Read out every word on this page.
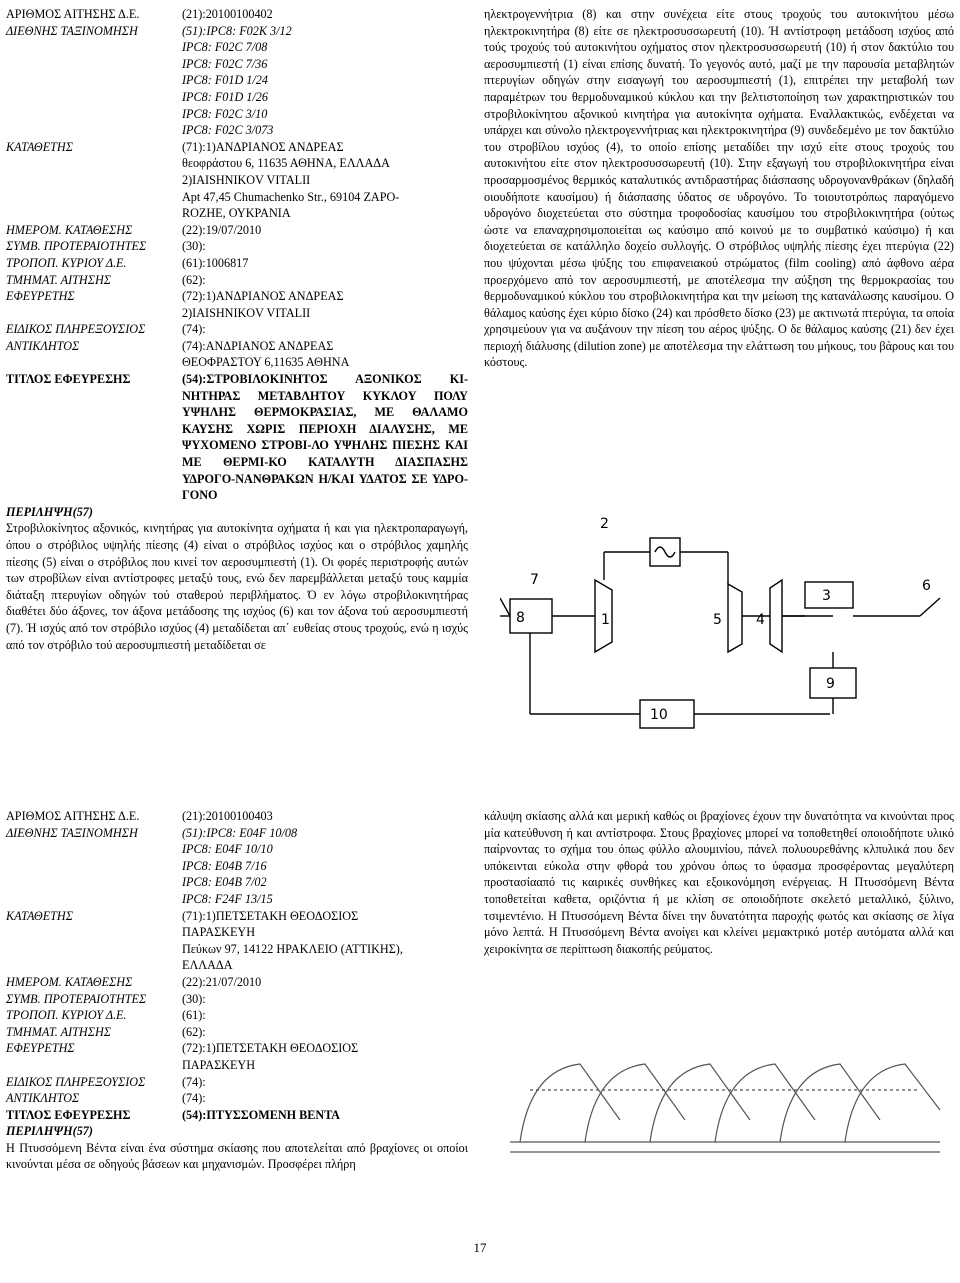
ΑΡΙΘΜΟΣ ΑΙΤΗΣΗΣ Δ.Ε.	(21):20100100402
ΔΙΕΘΝΗΣ ΤΑΞΙΝΟΜΗΣΗ	(51):IPC8: F02K 3/12
IPC8: F02C 7/08
IPC8: F02C 7/36
IPC8: F01D 1/24
IPC8: F01D 1/26
IPC8: F02C 3/10
IPC8: F02C 3/073
ΚΑΤΑΘΕΤΗΣ	(71):1)ΑΝΔΡΙΑΝΟΣ ΑΝΔΡΕΑΣ
θεοφράστου 6, 11635 ΑΘΗΝΑ, ΕΛΛΑΔΑ
2)IAISHNIKOV VITALII
Apt 47,45 Chumachenko Str., 69104 ZAPO-
ROZHE, ΟΥΚΡΑΝΙΑ
ΗΜΕΡΟΜ. ΚΑΤΑΘΕΣΗΣ	(22):19/07/2010
ΣΥΜΒ. ΠΡΟΤΕΡΑΙΟΤΗΤΕΣ	(30):
ΤΡΟΠΟΠ. ΚΥΡΙΟΥ Δ.Ε.	(61):1006817
ΤΜΗΜΑΤ. ΑΙΤΗΣΗΣ	(62):
ΕΦΕΥΡΕΤΗΣ	(72):1)ΑΝΔΡΙΑΝΟΣ ΑΝΔΡΕΑΣ
2)IAISHNIKOV VITALII
ΕΙΔΙΚΟΣ ΠΛΗΡΕΞΟΥΣΙΟΣ	(74):
ΑΝΤΙΚΛΗΤΟΣ	(74):ΑΝΔΡΙΑΝΟΣ ΑΝΔΡΕΑΣ
ΘΕΟΦΡΑΣΤΟΥ 6,11635 ΑΘΗΝΑ
ΤΙΤΛΟΣ ΕΦΕΥΡΕΣΗΣ	(54):ΣΤΡΟΒΙΛΟΚΙΝΗΤΟΣ ΑΞΟΝΙΚΟΣ ΚΙ-ΝΗΤΗΡΑΣ ΜΕΤΑΒΛΗΤΟΥ ΚΥΚΛΟΥ ΠΟΛΥ ΥΨΗΛΗΣ ΘΕΡΜΟΚΡΑΣΙΑΣ, ΜΕ ΘΑΛΑΜΟ ΚΑΥΣΗΣ ΧΩΡΙΣ ΠΕΡΙΟΧΗ ΔΙΑΛΥΣΗΣ, ΜΕ ΨΥΧΟΜΕΝΟ ΣΤΡΟΒΙ-ΛΟ ΥΨΗΛΗΣ ΠΙΕΣΗΣ ΚΑΙ ΜΕ ΘΕΡΜΙ-ΚΟ ΚΑΤΑΛΥΤΗ ΔΙΑΣΠΑΣΗΣ ΥΔΡΟΓΟ-ΝΑΝΘΡΑΚΩΝ Η/ΚΑΙ ΥΔΑΤΟΣ ΣΕ ΥΔΡΟ-ΓΟΝΟ
ΠΕΡΙΛΗΨΗ(57)
Στροβιλοκίνητος αξονικός, κινητήρας για αυτοκίνητα οχήματα ή και για ηλεκτροπαραγωγή, όπου ο στρόβιλος υψηλής πίεσης (4) είναι ο στρόβιλος ισχύος και ο στρόβιλος χαμηλής πίεσης (5) είναι ο στρόβιλος που κινεί τον αεροσυμπιεστή (1). Οι φορές περιστροφής αυτών των στροβίλων είναι αντίστροφες μεταξύ τους, ενώ δεν παρεμβάλλεται μεταξύ τους καμμία διάταξη πτερυγίων οδηγών τού σταθερού περιβλήματος. Ό εν λόγω στροβιλοκινητήρας διαθέτει δύο άξονες, τον άξονα μετάδοσης της ισχύος (6) και τον άξονα τού αεροσυμπιεστή (7). Ή ισχύς από τον στρόβιλο ισχύος (4) μεταδίδεται απ΄ ευθείας στους τροχούς, ενώ η ισχύς από τον στρόβιλο τού αεροσυμπιεστή μεταδίδεται σε
ηλεκτρογεννήτρια (8) και στην συνέχεια είτε στους τροχούς του αυτοκινήτου μέσω ηλεκτροκινητήρα (8) είτε σε ηλεκτροσυσσωρευτή (10). Ή αντίστροφη μετάδοση ισχύος από τούς τροχούς τού αυτοκινήτου οχήματος στον ηλεκτροσυσσωρευτή (10) ή στον δακτύλιο του αεροσυμπιεστή (1) είναι επίσης δυνατή. Το γεγονός αυτό, μαζί με την παρουσία μεταβλητών πτερυγίων οδηγών στην εισαγωγή του αεροσυμπιεστή (1), επιτρέπει την μεταβολή των παραμέτρων του θερμοδυναμικού κύκλου και την βελτιστοποίηση των χαρακτηριστικών του στροβιλοκίνητου αξονικού κινητήρα για αυτοκίνητα οχήματα. Εναλλακτικώς, ενδέχεται να υπάρχει και σύνολο ηλεκτρογεννήτριας και ηλεκτροκινητήρα (9) συνδεδεμένο με τον δακτύλιο του στροβίλου ισχύος (4), το οποίο επίσης μεταδίδει την ισχύ είτε στους τροχούς του αυτοκινήτου είτε στον ηλεκτροσυσσωρευτή (10). Στην εξαγωγή του στροβιλοκινητήρα είναι προσαρμοσμένος θερμικός καταλυτικός αντιδραστήρας διάσπασης υδρογονανθράκων (δηλαδή οιουδήποτε καυσίμου) ή διάσπασης ύδατος σε υδρογόνο. Το τοιουτοτρόπως παραγόμενο υδρογόνο διοχετεύεται στο σύστημα τροφοδοσίας καυσίμου του στροβιλοκινητήρα (ούτως ώστε να επαναχρησιμοποιείται ως καύσιμο από κοινού με το συμβατικό καύσιμο) ή και διοχετεύεται σε κατάλληλο δοχείο συλλογής. Ο στρόβιλος υψηλής πίεσης έχει πτερύγια (22) που ψύχονται μέσω ψύξης του επιφανειακού στρώματος (film cooling) από άφθονο αέρα προερχόμενο από τον αεροσυμπιεστή, με αποτέλεσμα την αύξηση της θερμοκρασίας του θερμοδυναμικού κύκλου του στροβιλοκινητήρα και την μείωση της κατανάλωσης καυσίμου. Ο θάλαμος καύσης έχει κύριο δίσκο (24) και πρόσθετο δίσκο (23) με ακτινωτά πτερύγια, τα οποία χρησιμεύουν για να αυξάνουν την πίεση του αέρος ψύξης. Ο δε θάλαμος καύσης (21) δεν έχει περιοχή διάλυσης (dilution zone) με αποτέλεσμα την ελάττωση του μήκους, του βάρους και του κόστους.
1
2
3
4
5
6
7
8
9
10
ΑΡΙΘΜΟΣ ΑΙΤΗΣΗΣ Δ.Ε.	(21):20100100403
ΔΙΕΘΝΗΣ ΤΑΞΙΝΟΜΗΣΗ	(51):IPC8: E04F 10/08
IPC8: E04F 10/10
IPC8: E04B 7/16
IPC8: E04B 7/02
IPC8: F24F 13/15
ΚΑΤΑΘΕΤΗΣ	(71):1)ΠΕΤΣΕΤΑΚΗ ΘΕΟΔΟΣΙΟΣ
ΠΑΡΑΣΚΕΥΗ
Πεύκων 97, 14122 ΗΡΑΚΛΕΙΟ (ΑΤΤΙΚΗΣ),
ΕΛΛΑΔΑ
ΗΜΕΡΟΜ. ΚΑΤΑΘΕΣΗΣ	(22):21/07/2010
ΣΥΜΒ. ΠΡΟΤΕΡΑΙΟΤΗΤΕΣ	(30):
ΤΡΟΠΟΠ. ΚΥΡΙΟΥ Δ.Ε.	(61):
ΤΜΗΜΑΤ. ΑΙΤΗΣΗΣ	(62):
ΕΦΕΥΡΕΤΗΣ	(72):1)ΠΕΤΣΕΤΑΚΗ ΘΕΟΔΟΣΙΟΣ
ΠΑΡΑΣΚΕΥΗ
ΕΙΔΙΚΟΣ ΠΛΗΡΕΞΟΥΣΙΟΣ	(74):
ΑΝΤΙΚΛΗΤΟΣ	(74):
ΤΙΤΛΟΣ ΕΦΕΥΡΕΣΗΣ	(54):ΠΤΥΣΣΟΜΕΝΗ ΒΕΝΤΑ
ΠΕΡΙΛΗΨΗ(57)
Η Πτυσσόμενη Βέντα είναι ένα σύστημα σκίασης που αποτελείται από βραχίονες οι οποίοι κινούνται μέσα σε οδηγούς βάσεων και μηχανισμών. Προσφέρει πλήρη
κάλυψη σκίασης αλλά και μερική καθώς οι βραχίονες έχουν την δυνατότητα να κινούνται προς μία κατεύθυνση ή και αντίστροφα. Στους βραχίονες μπορεί να τοποθετηθεί οποιοδήποτε υλικό παίρνοντας το σχήμα του όπως φύλλο αλουμινίου, πάνελ πολυουρεθάνης κλπυλικά που δεν υπόκεινται εύκολα στην φθορά του χρόνου όπως το ύφασμα προσφέροντας μεγαλύτερη προστασίααπό τις καιρικές συνθήκες και εξοικονόμηση ενέργειας. Η Πτυσσόμενη Βέντα τοποθετείται καθετα, οριζόντια ή με κλίση σε οποιοδήποτε σκελετό μεταλλικό, ξύλινο, τσιμεντένιο. Η Πτυσσόμενη Βέντα δίνει την δυνατότητα παροχής φωτός και σκίασης σε λίγα μόνο λεπτά. Η Πτυσσόμενη Βέντα ανοίγει και κλείνει μεμακτρικό μοτέρ αυτόματα αλλά και χειροκίνητα σε περίπτωση διακοπής ρεύματος.
17
